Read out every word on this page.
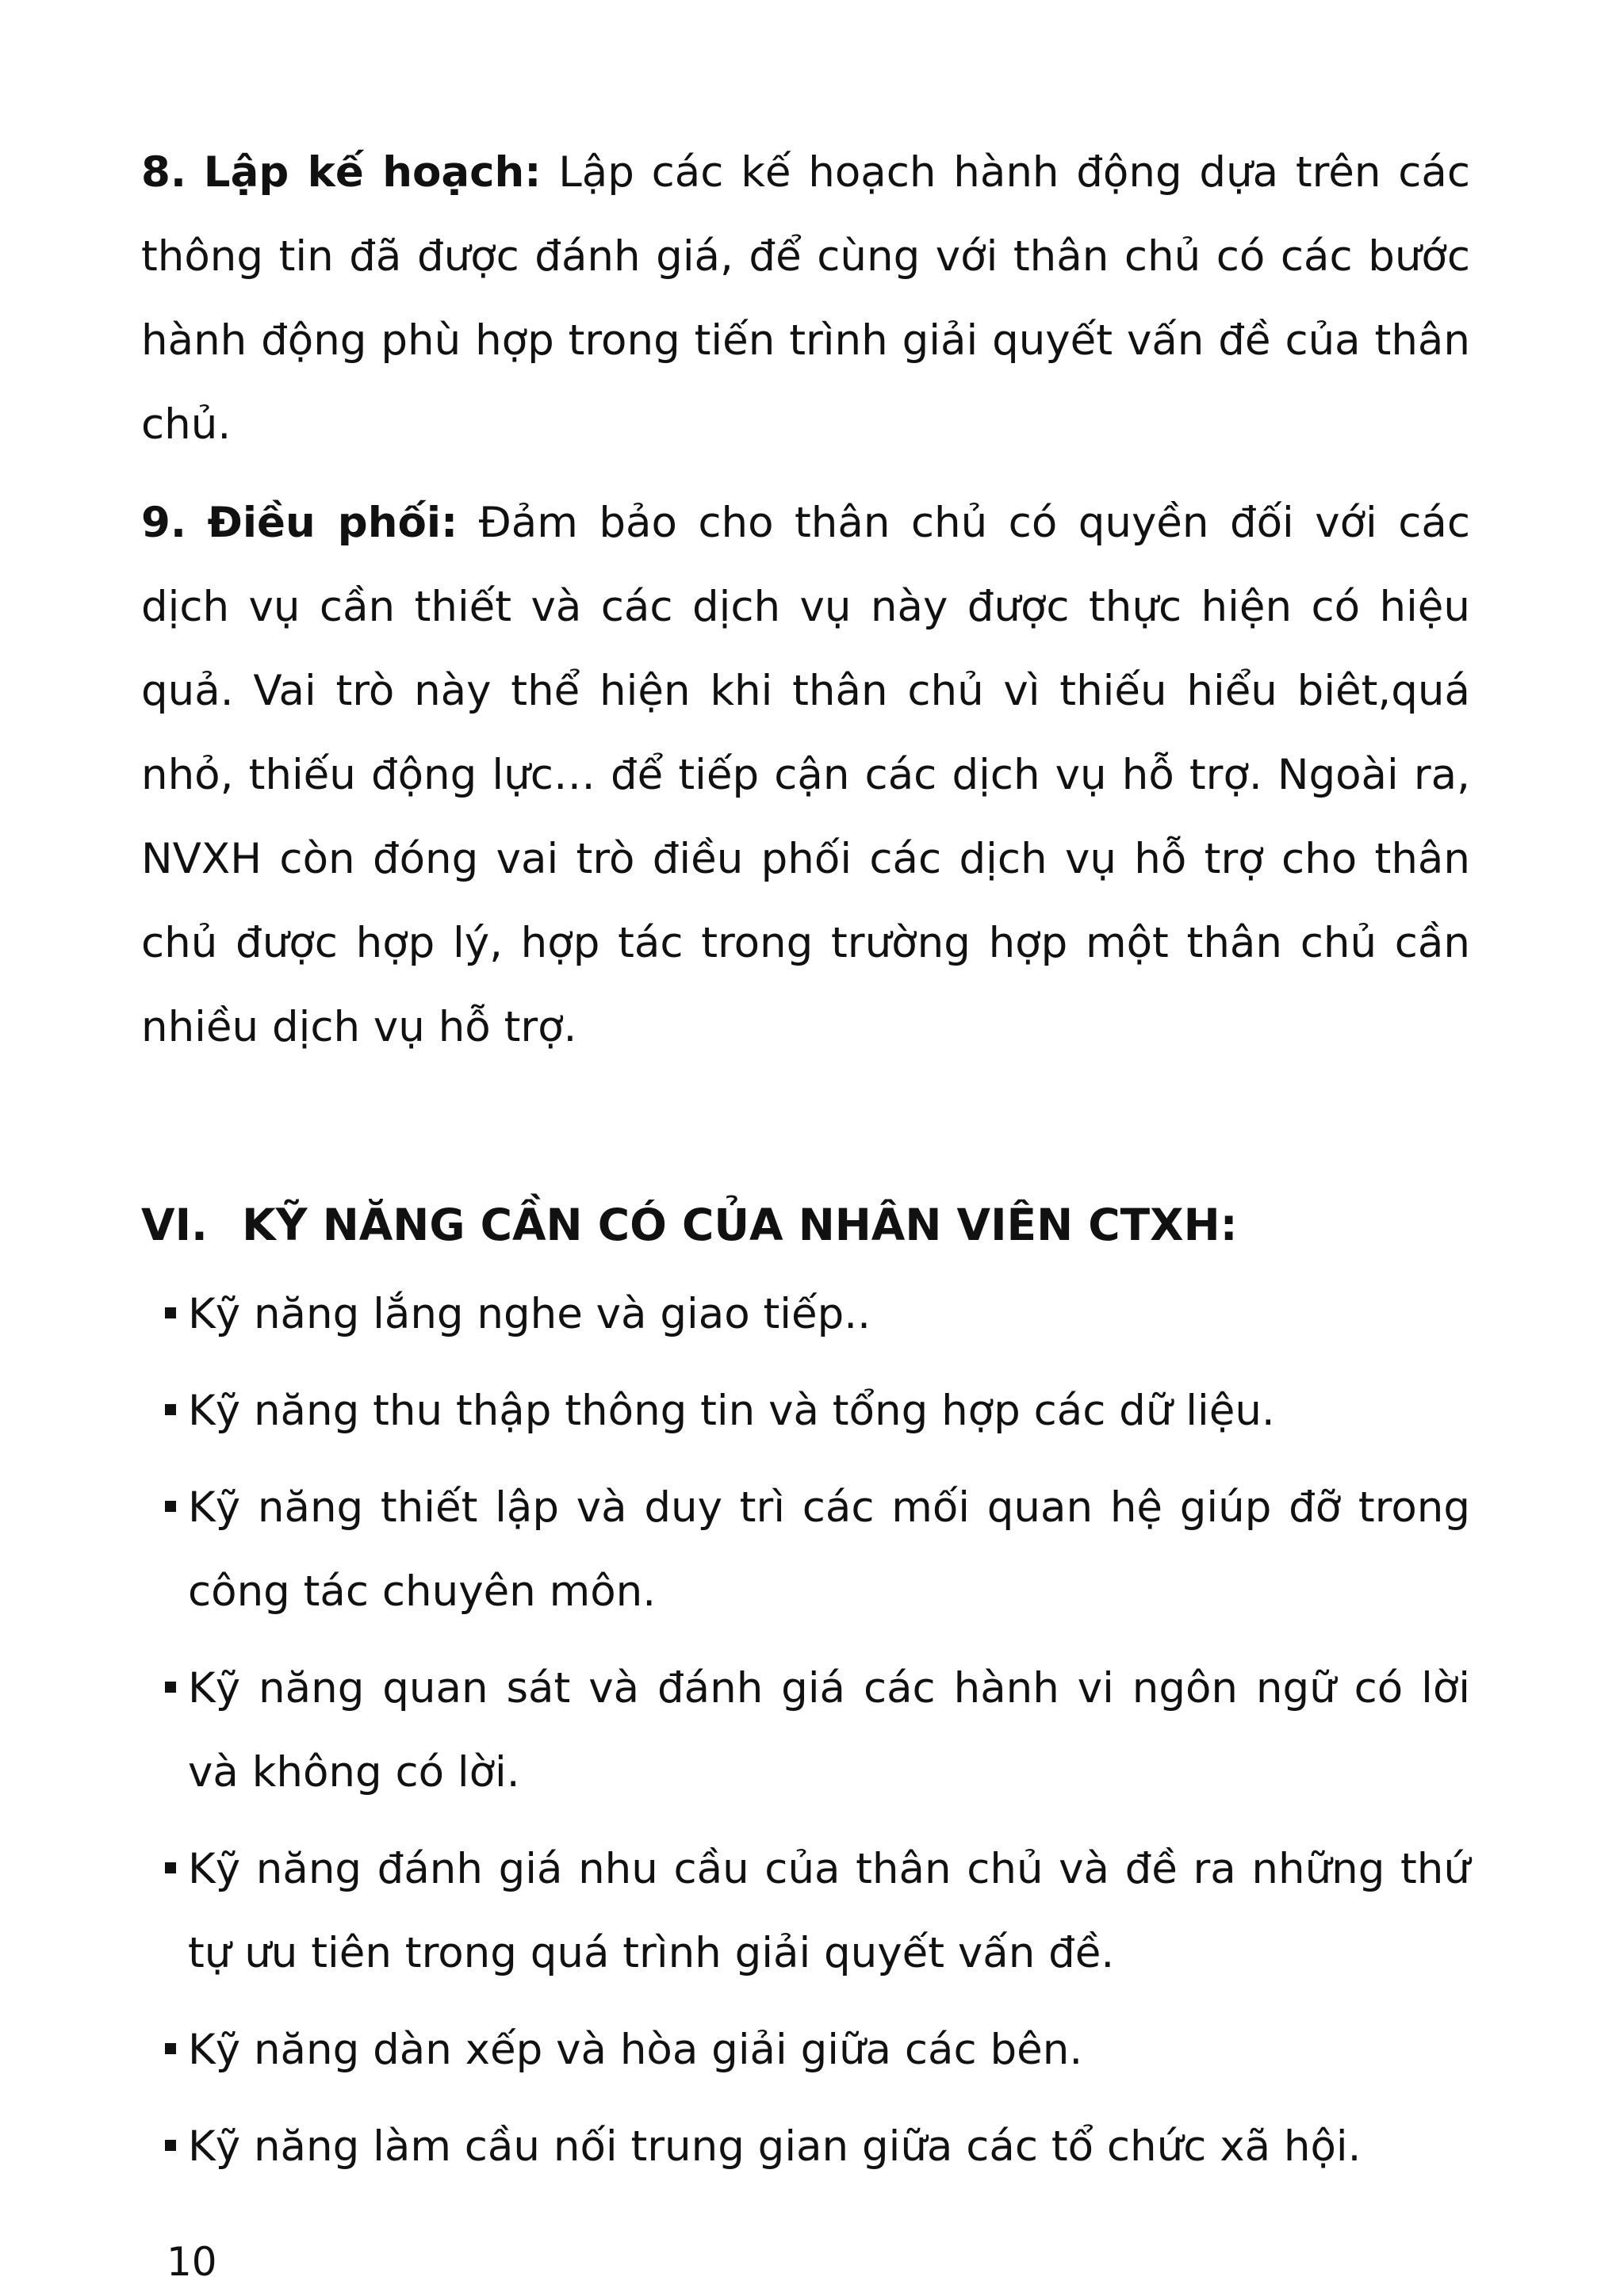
8. Lập kế hoạch: Lập các kế hoạch hành động dựa trên các thông tin đã được đánh giá, để cùng với thân chủ có các bước hành động phù hợp trong tiến trình giải quyết vấn đề của thân chủ.
9. Điều phối: Đảm bảo cho thân chủ có quyền đối với các dịch vụ cần thiết và các dịch vụ này được thực hiện có hiệu quả. Vai trò này thể hiện khi thân chủ vì thiếu hiểu biêt,quá nhỏ, thiếu động lực… để tiếp cận các dịch vụ hỗ trợ. Ngoài ra, NVXH còn đóng vai trò điều phối các dịch vụ hỗ trợ cho thân chủ được hợp lý, hợp tác trong trường hợp một thân chủ cần nhiều dịch vụ hỗ trợ.
VI. KỸ NĂNG CẦN CÓ CỦA NHÂN VIÊN CTXH:
Kỹ năng lắng nghe và giao tiếp..
Kỹ năng thu thập thông tin và tổng hợp các dữ liệu.
Kỹ năng thiết lập và duy trì các mối quan hệ giúp đỡ trong công tác chuyên môn.
Kỹ năng quan sát và đánh giá các hành vi ngôn ngữ có lời và không có lời.
Kỹ năng đánh giá nhu cầu của thân chủ và đề ra những thứ tự ưu tiên trong quá trình giải quyết vấn đề.
Kỹ năng dàn xếp và hòa giải giữa các bên.
Kỹ năng làm cầu nối trung gian giữa các tổ chức xã hội.
10
